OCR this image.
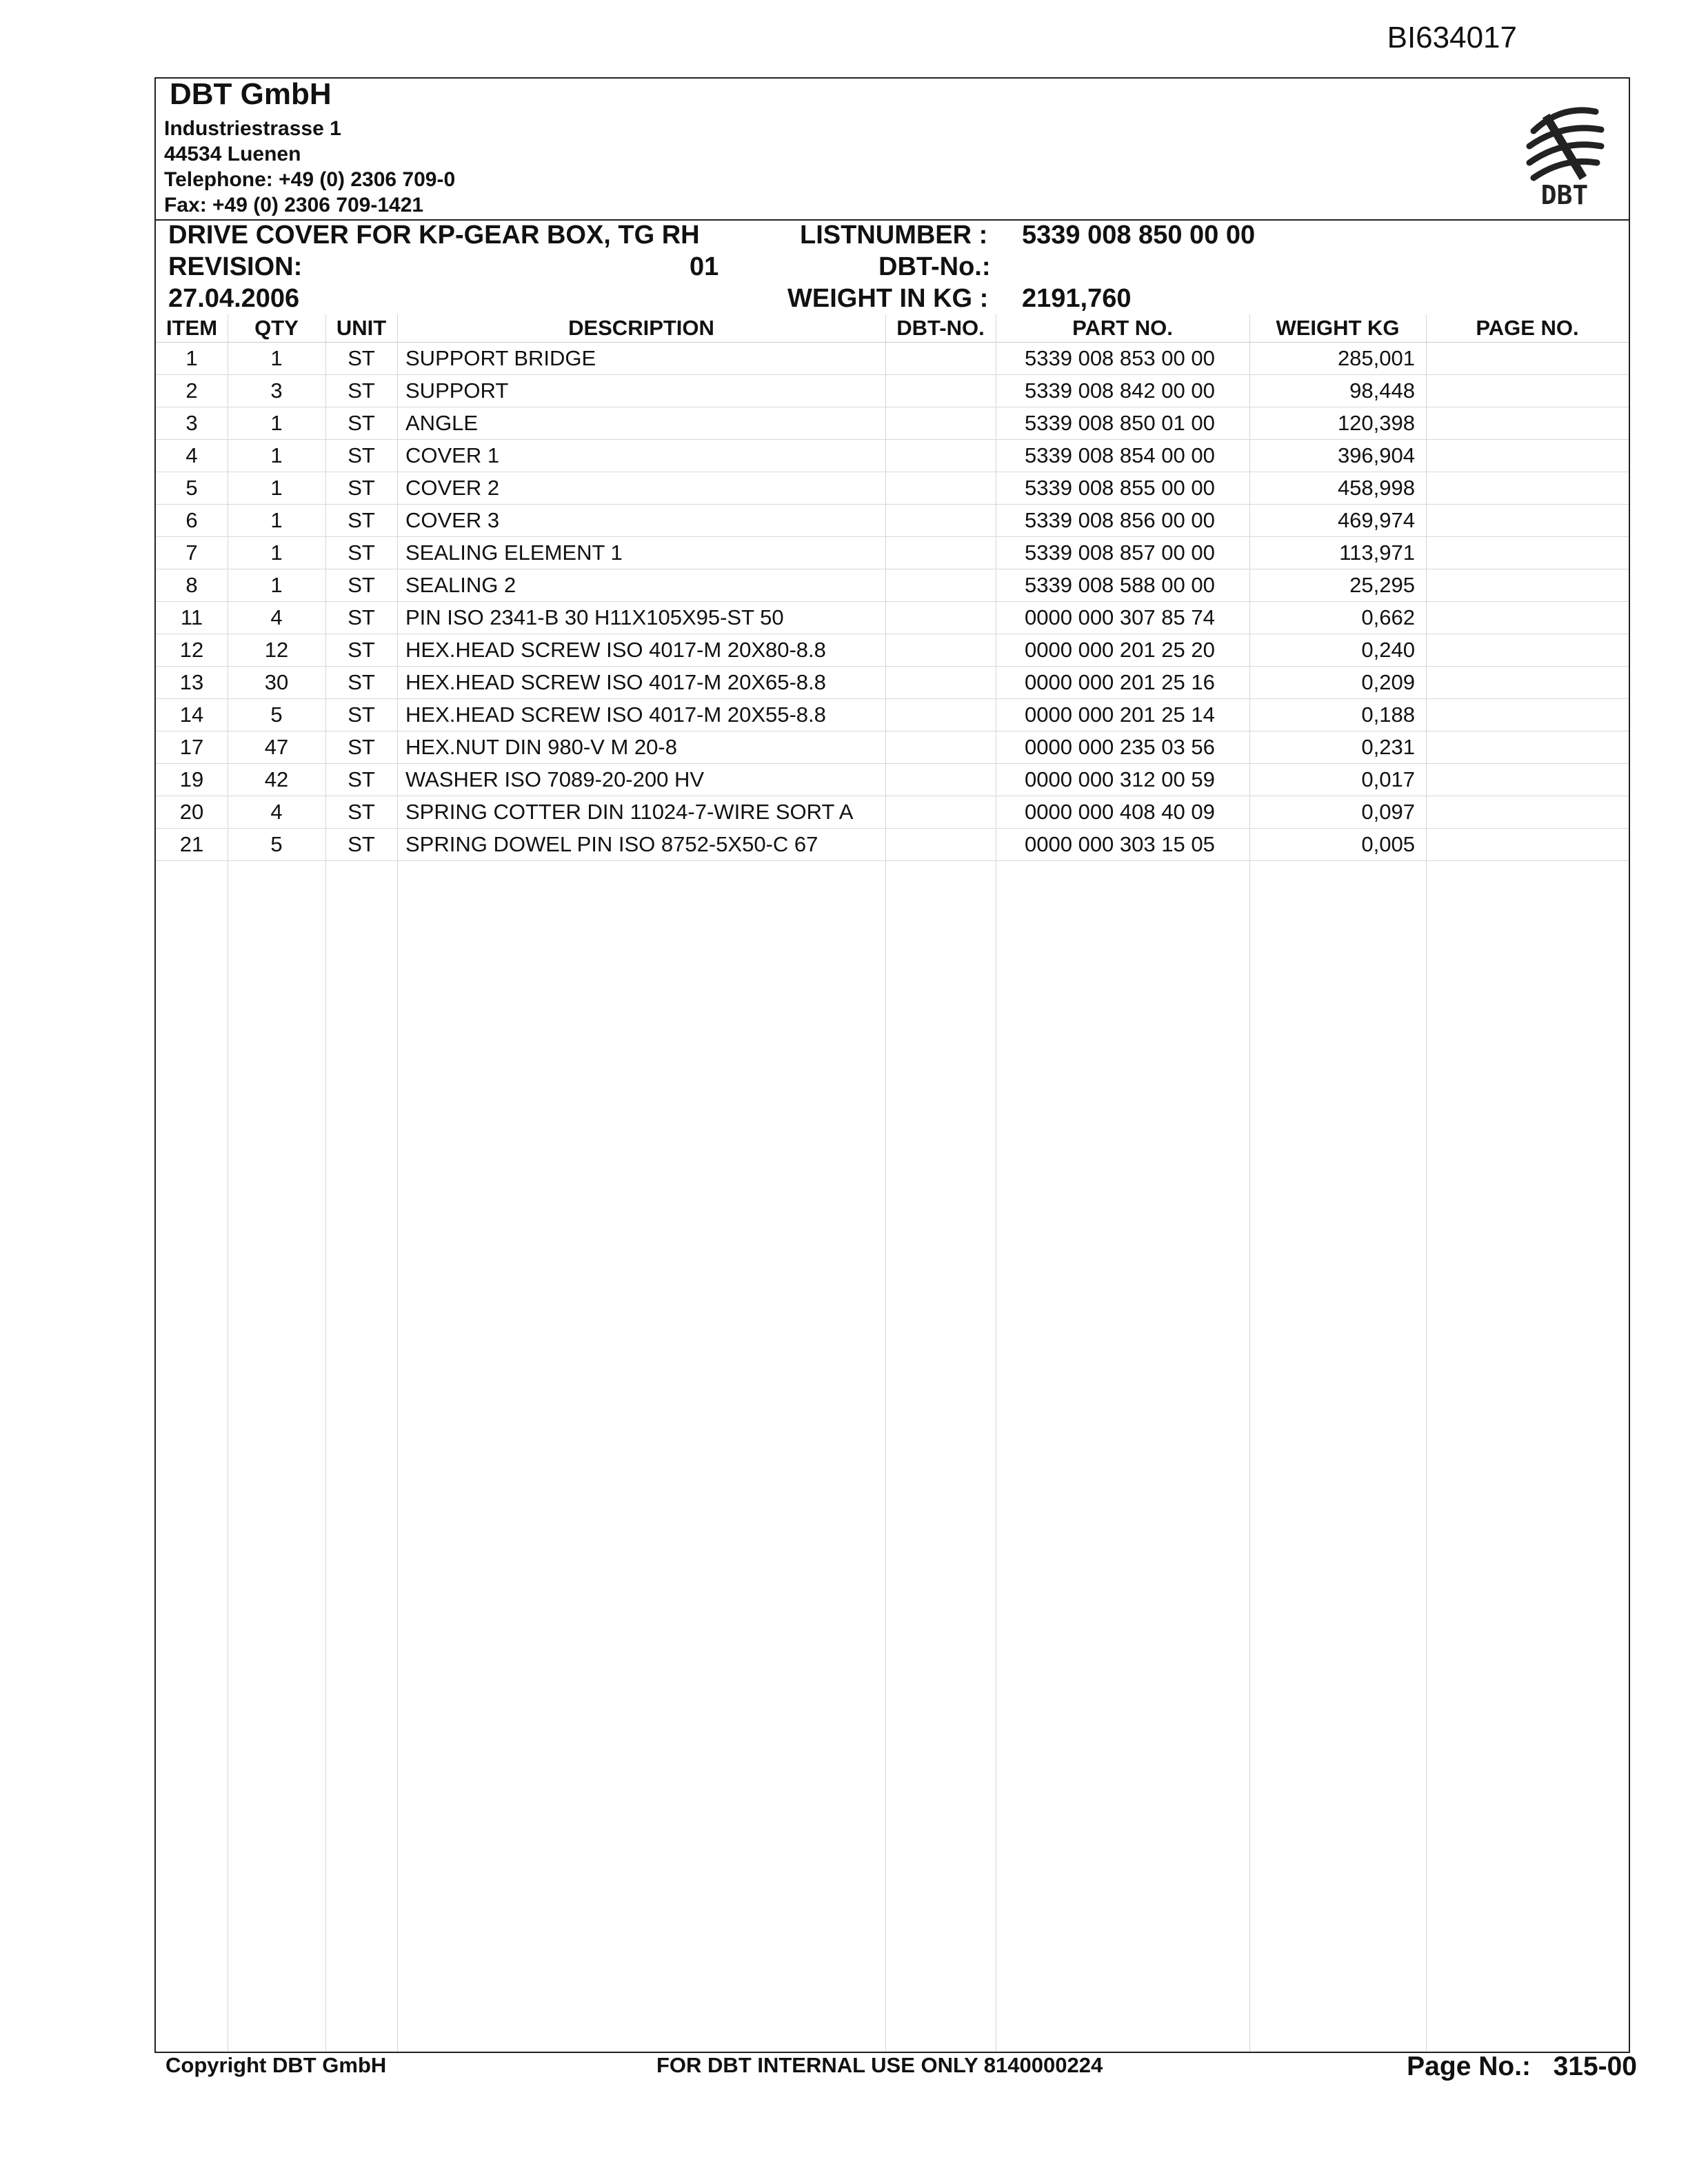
BI634017
DBT GmbH
Industriestrasse 1
44534 Luenen
Telephone: +49 (0) 2306 709-0
Fax: +49 (0) 2306 709-1421	DBT
DRIVE COVER FOR KP-GEAR BOX, TG RH	LISTNUMBER : 5339 008 850 00 00
REVISION:	01	DBT-No.:
27.04.2006	WEIGHT IN KG : 2191,760
ITEM	QTY	UNIT	DESCRIPTION	DBT-NO.	PART NO.	WEIGHT KG	PAGE NO.
1	1	ST	SUPPORT BRIDGE		5339 008 853 00 00	285,001	
2	3	ST	SUPPORT		5339 008 842 00 00	98,448	
3	1	ST	ANGLE		5339 008 850 01 00	120,398	
4	1	ST	COVER 1		5339 008 854 00 00	396,904	
5	1	ST	COVER 2		5339 008 855 00 00	458,998	
6	1	ST	COVER 3		5339 008 856 00 00	469,974	
7	1	ST	SEALING ELEMENT 1		5339 008 857 00 00	113,971	
8	1	ST	SEALING 2		5339 008 588 00 00	25,295	
11	4	ST	PIN ISO 2341-B 30 H11X105X95-ST 50		0000 000 307 85 74	0,662	
12	12	ST	HEX.HEAD SCREW ISO 4017-M 20X80-8.8		0000 000 201 25 20	0,240	
13	30	ST	HEX.HEAD SCREW ISO 4017-M 20X65-8.8		0000 000 201 25 16	0,209	
14	5	ST	HEX.HEAD SCREW ISO 4017-M 20X55-8.8		0000 000 201 25 14	0,188	
17	47	ST	HEX.NUT DIN 980-V M 20-8		0000 000 235 03 56	0,231	
19	42	ST	WASHER ISO 7089-20-200 HV		0000 000 312 00 59	0,017	
20	4	ST	SPRING COTTER DIN 11024-7-WIRE SORT A		0000 000 408 40 09	0,097	
21	5	ST	SPRING DOWEL PIN ISO 8752-5X50-C 67		0000 000 303 15 05	0,005	
Copyright DBT GmbH	FOR DBT INTERNAL USE ONLY 8140000224	Page No.: 315-00
